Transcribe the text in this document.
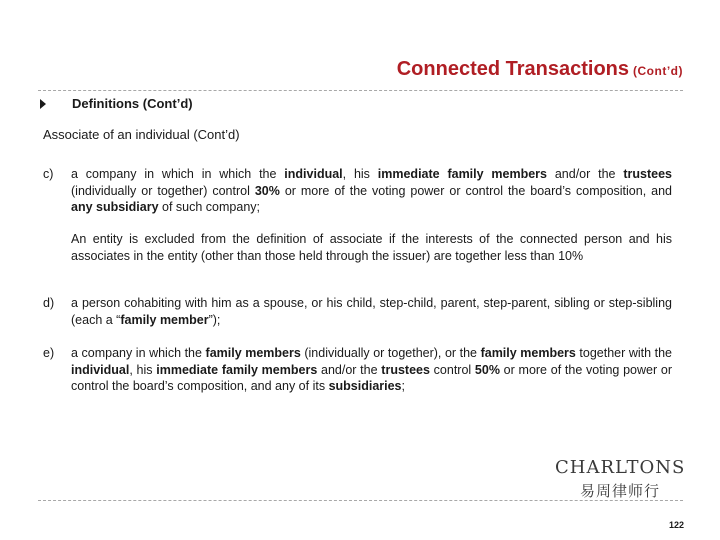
Connected Transactions (Cont’d)
Definitions (Cont’d)
Associate of an individual (Cont’d)
c)	a company in which in which the individual, his immediate family members and/or the trustees (individually or together) control 30% or more of the voting power or control the board’s composition, and any subsidiary of such company;
An entity is excluded from the definition of associate if the interests of the connected person and his associates in the entity (other than those held through the issuer) are together less than 10%
d)	a person cohabiting with him as a spouse, or his child, step-child, parent, step-parent, sibling or step-sibling (each a “family member”);
e)	a company in which the family members (individually or together), or the family members together with the individual, his immediate family members and/or the trustees control 50% or more of the voting power or control the board’s composition, and any of its subsidiaries;
CHARLTONS
易周律师行
122
